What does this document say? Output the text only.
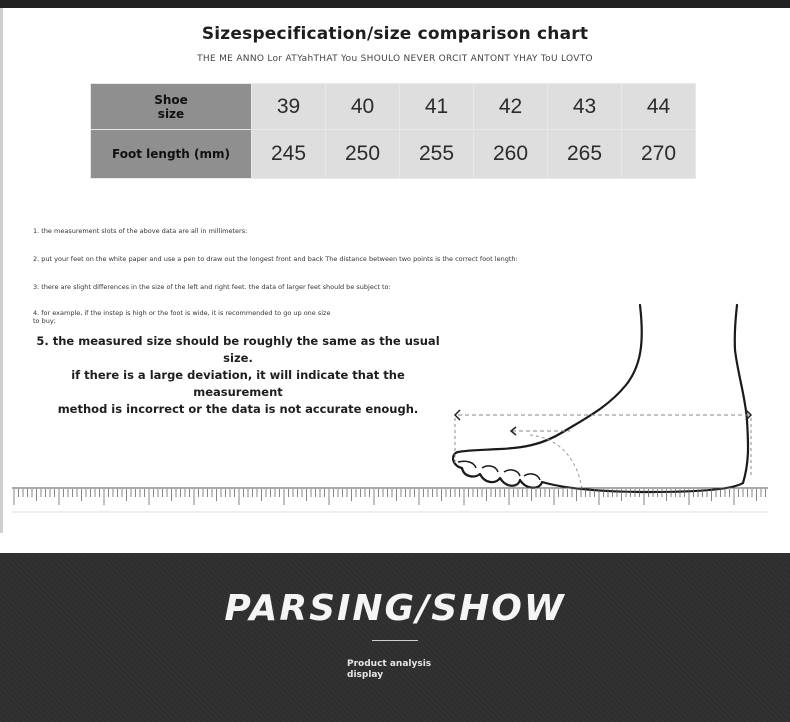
Sizespecification/size comparison chart
THE ME ANNO Lor ATYahTHAT You SHOULO NEVER ORCIT ANTONT YHAY ToU LOVTO
Shoe
size	39	40	41	42	43	44
Foot length (mm)	245	250	255	260	265	270
1. the measurement slots of the above data are all in millimeters:
2. put your feet on the white paper and use a pen to draw out the longest front and back The distance between two points is the correct foot length:
3. there are slight differences in the size of the left and right feet. the data of larger feet should be subject to:
4. for example, if the instep is high or the foot is wide, it is recommended to go up one size
to buy;
5. the measured size should be roughly the same as the usual size.
if there is a large deviation, it will indicate that the measurement
method is incorrect or the data is not accurate enough.
PARSING/SHOW
Product analysis
display
